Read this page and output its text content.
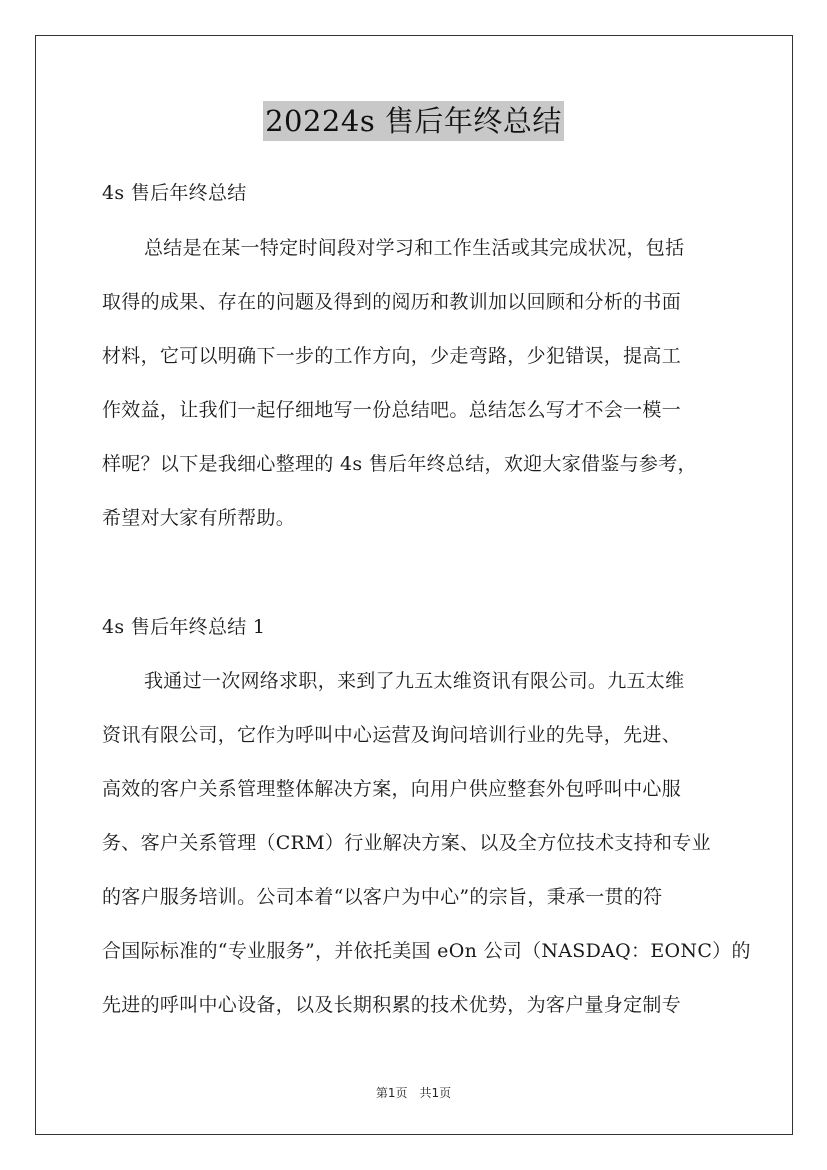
20224s 售后年终总结
4s 售后年终总结
总结是在某一特定时间段对学习和工作生活或其完成状况，包括
取得的成果、存在的问题及得到的阅历和教训加以回顾和分析的书面
材料，它可以明确下一步的工作方向，少走弯路，少犯错误，提高工
作效益，让我们一起仔细地写一份总结吧。总结怎么写才不会一模一
样呢？以下是我细心整理的 4s 售后年终总结，欢迎大家借鉴与参考，
希望对大家有所帮助。
4s 售后年终总结 1
我通过一次网络求职，来到了九五太维资讯有限公司。九五太维
资讯有限公司，它作为呼叫中心运营及询问培训行业的先导，先进、
高效的客户关系管理整体解决方案，向用户供应整套外包呼叫中心服
务、客户关系管理（CRM）行业解决方案、以及全方位技术支持和专业
的客户服务培训。公司本着“以客户为中心”的宗旨，秉承一贯的符
合国际标准的“专业服务”，并依托美国 eOn 公司（NASDAQ：EONC）的
先进的呼叫中心设备，以及长期积累的技术优势，为客户量身定制专
第1页　共1页
